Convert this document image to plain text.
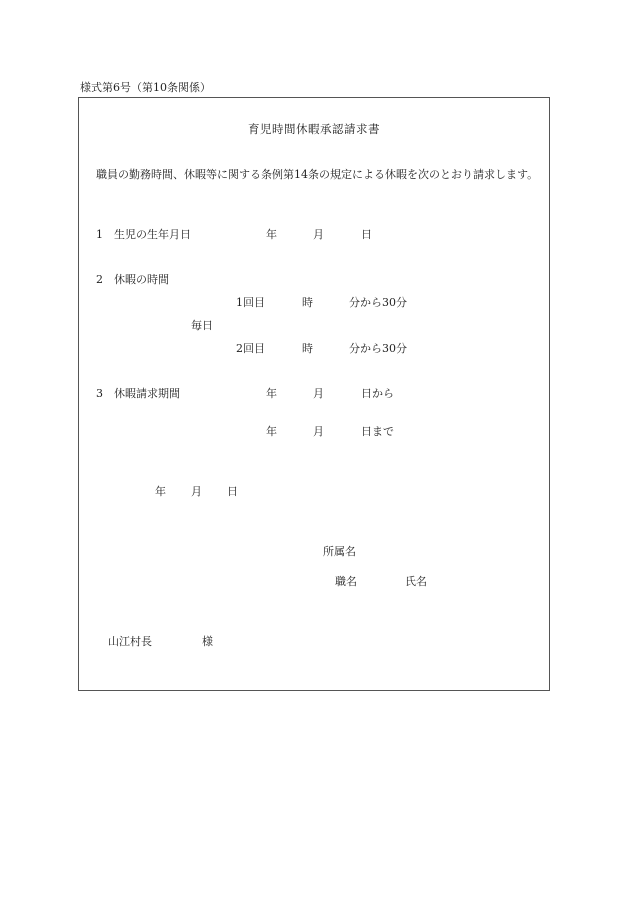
様式第6号（第10条関係）
育児時間休暇承認請求書
職員の勤務時間、休暇等に関する条例第14条の規定による休暇を次のとおり請求します。
1 生児の生年月日	年	月	日
2 休暇の時間
1回目	時	分から30分
毎日
2回目	時	分から30分
3 休暇請求期間	年	月	日から
年	月	日まで
年 月 日
所属名
職名	氏名
山江村長	様
